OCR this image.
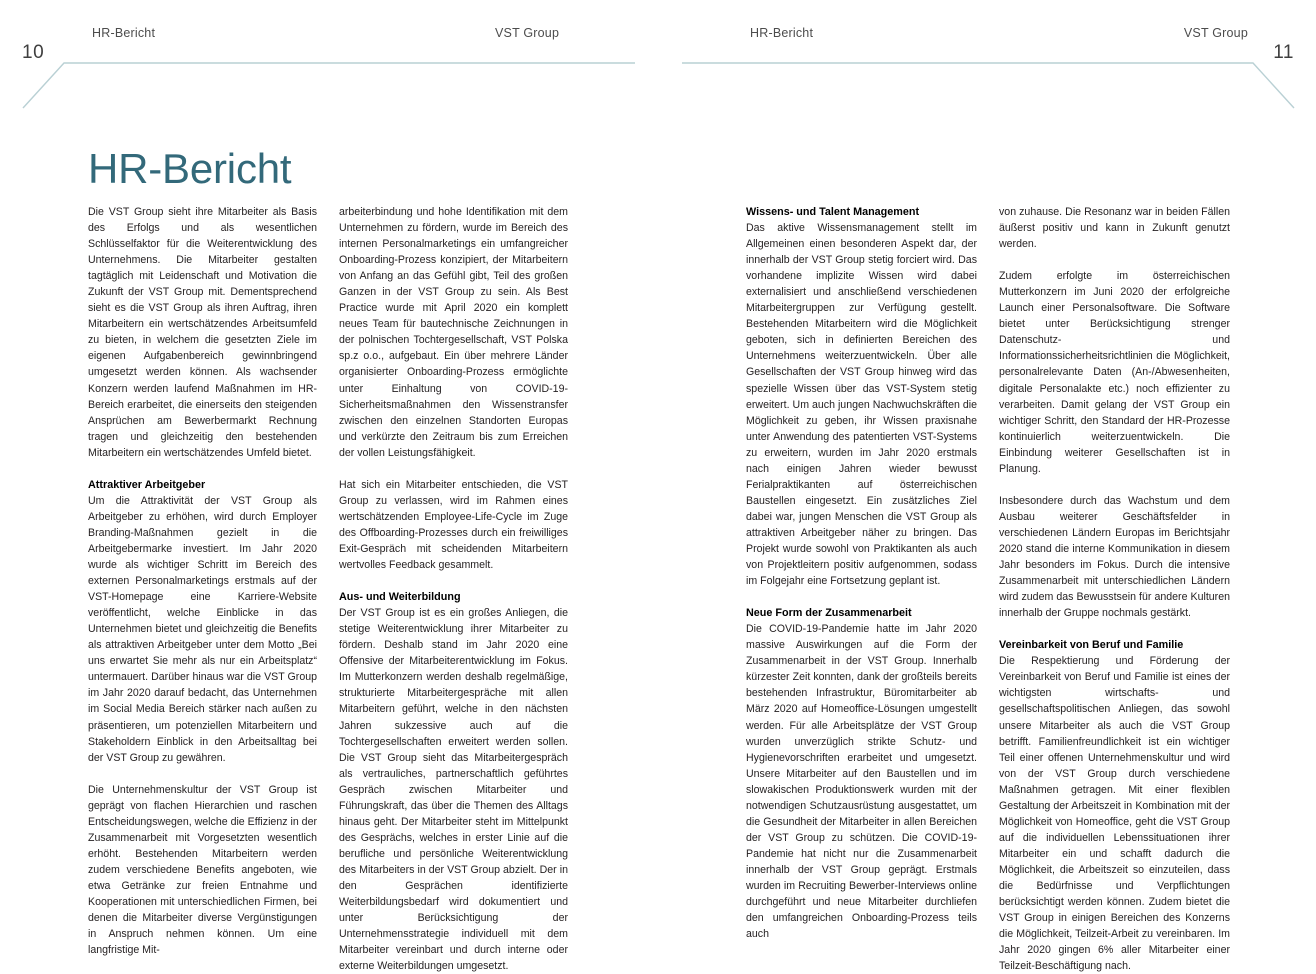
10
HR-Bericht	VST Group
HR-Bericht

Die VST Group sieht ihre Mitarbeiter als Basis des Erfolgs und als wesentlichen Schlüsselfaktor für die Weiterentwicklung des Unternehmens. Die Mitarbeiter gestalten tagtäglich mit Leidenschaft und Motivation die Zukunft der VST Group mit. Dementsprechend sieht es die VST Group als ihren Auftrag, ihren Mitarbeitern ein wertschätzendes Arbeitsumfeld zu bieten, in welchem die gesetzten Ziele im eigenen Aufgabenbereich gewinnbringend umgesetzt werden können. Als wachsender Konzern werden laufend Maßnahmen im HR-Bereich erarbeitet, die einerseits den steigenden Ansprüchen am Bewerbermarkt Rechnung tragen und gleichzeitig den bestehenden Mitarbeitern ein wertschätzendes Umfeld bietet.

Attraktiver Arbeitgeber

Um die Attraktivität der VST Group als Arbeitgeber zu erhöhen, wird durch Employer Branding-Maßnahmen gezielt in die Arbeitgebermarke investiert. Im Jahr 2020 wurde als wichtiger Schritt im Bereich des externen Personalmarketings erstmals auf der VST-Homepage eine Karriere-Website veröffentlicht, welche Einblicke in das Unternehmen bietet und gleichzeitig die Benefits als attraktiven Arbeitgeber unter dem Motto „Bei uns erwartet Sie mehr als nur ein Arbeitsplatz“ untermauert. Darüber hinaus war die VST Group im Jahr 2020 darauf bedacht, das Unternehmen im Social Media Bereich stärker nach außen zu präsentieren, um potenziellen Mitarbeitern und Stakeholdern Einblick in den Arbeitsalltag bei der VST Group zu gewähren.

Die Unternehmenskultur der VST Group ist geprägt von flachen Hierarchien und raschen Entscheidungswegen, welche die Effizienz in der Zusammenarbeit mit Vorgesetzten wesentlich erhöht. Bestehenden Mitarbeitern werden zudem verschiedene Benefits angeboten, wie etwa Getränke zur freien Entnahme und Kooperationen mit unterschiedlichen Firmen, bei denen die Mitarbeiter diverse Vergünstigungen in Anspruch nehmen können. Um eine langfristige Mit-

arbeiterbindung und hohe Identifikation mit dem Unternehmen zu fördern, wurde im Bereich des internen Personalmarketings ein umfangreicher Onboarding-Prozess konzipiert, der Mitarbeitern von Anfang an das Gefühl gibt, Teil des großen Ganzen in der VST Group zu sein. Als Best Practice wurde mit April 2020 ein komplett neues Team für bautechnische Zeichnungen in der polnischen Tochtergesellschaft, VST Polska sp.z o.o., aufgebaut. Ein über mehrere Länder organisierter Onboarding-Prozess ermöglichte unter Einhaltung von COVID-19-Sicherheitsmaßnahmen den Wissenstransfer zwischen den einzelnen Standorten Europas und verkürzte den Zeitraum bis zum Erreichen der vollen Leistungsfähigkeit.

Hat sich ein Mitarbeiter entschieden, die VST Group zu verlassen, wird im Rahmen eines wertschätzenden Employee-Life-Cycle im Zuge des Offboarding-Prozesses durch ein freiwilliges Exit-Gespräch mit scheidenden Mitarbeitern wertvolles Feedback gesammelt.

Aus- und Weiterbildung

Der VST Group ist es ein großes Anliegen, die stetige Weiterentwicklung ihrer Mitarbeiter zu fördern. Deshalb stand im Jahr 2020 eine Offensive der Mitarbeiterentwicklung im Fokus. Im Mutterkonzern werden deshalb regelmäßige, strukturierte Mitarbeitergespräche mit allen Mitarbeitern geführt, welche in den nächsten Jahren sukzessive auch auf die Tochtergesellschaften erweitert werden sollen. Die VST Group sieht das Mitarbeitergespräch als vertrauliches, partnerschaftlich geführtes Gespräch zwischen Mitarbeiter und Führungskraft, das über die Themen des Alltags hinaus geht. Der Mitarbeiter steht im Mittelpunkt des Gesprächs, welches in erster Linie auf die berufliche und persönliche Weiterentwicklung des Mitarbeiters in der VST Group abzielt. Der in den Gesprächen identifizierte Weiterbildungsbedarf wird dokumentiert und unter Berücksichtigung der Unternehmensstrategie individuell mit dem Mitarbeiter vereinbart und durch interne oder externe Weiterbildungen umgesetzt.

11
HR-Bericht	VST Group
Wissens- und Talent Management

Das aktive Wissensmanagement stellt im Allgemeinen einen besonderen Aspekt dar, der innerhalb der VST Group stetig forciert wird. Das vorhandene implizite Wissen wird dabei externalisiert und anschließend verschiedenen Mitarbeitergruppen zur Verfügung gestellt. Bestehenden Mitarbeitern wird die Möglichkeit geboten, sich in definierten Bereichen des Unternehmens weiterzuentwickeln. Über alle Gesellschaften der VST Group hinweg wird das spezielle Wissen über das VST-System stetig erweitert. Um auch jungen Nachwuchskräften die Möglichkeit zu geben, ihr Wissen praxisnahe unter Anwendung des patentierten VST-Systems zu erweitern, wurden im Jahr 2020 erstmals nach einigen Jahren wieder bewusst Ferialpraktikanten auf österreichischen Baustellen eingesetzt. Ein zusätzliches Ziel dabei war, jungen Menschen die VST Group als attraktiven Arbeitgeber näher zu bringen. Das Projekt wurde sowohl von Praktikanten als auch von Projektleitern positiv aufgenommen, sodass im Folgejahr eine Fortsetzung geplant ist.

Neue Form der Zusammenarbeit

Die COVID-19-Pandemie hatte im Jahr 2020 massive Auswirkungen auf die Form der Zusammenarbeit in der VST Group. Innerhalb kürzester Zeit konnten, dank der großteils bereits bestehenden Infrastruktur, Büromitarbeiter ab März 2020 auf Homeoffice-Lösungen umgestellt werden. Für alle Arbeitsplätze der VST Group wurden unverzüglich strikte Schutz- und Hygienevorschriften erarbeitet und umgesetzt. Unsere Mitarbeiter auf den Baustellen und im slowakischen Produktionswerk wurden mit der notwendigen Schutzausrüstung ausgestattet, um die Gesundheit der Mitarbeiter in allen Bereichen der VST Group zu schützen. Die COVID-19-Pandemie hat nicht nur die Zusammenarbeit innerhalb der VST Group geprägt. Erstmals wurden im Recruiting Bewerber-Interviews online durchgeführt und neue Mitarbeiter durchliefen den umfangreichen Onboarding-Prozess teils auch

von zuhause. Die Resonanz war in beiden Fällen äußerst positiv und kann in Zukunft genutzt werden.

Zudem erfolgte im österreichischen Mutterkonzern im Juni 2020 der erfolgreiche Launch einer Personalsoftware. Die Software bietet unter Berücksichtigung strenger Datenschutz- und Informationssicherheitsrichtlinien die Möglichkeit, personalrelevante Daten (An-/Abwesenheiten, digitale Personalakte etc.) noch effizienter zu verarbeiten. Damit gelang der VST Group ein wichtiger Schritt, den Standard der HR-Prozesse kontinuierlich weiterzuentwickeln. Die Einbindung weiterer Gesellschaften ist in Planung.

Insbesondere durch das Wachstum und dem Ausbau weiterer Geschäftsfelder in verschiedenen Ländern Europas im Berichtsjahr 2020 stand die interne Kommunikation in diesem Jahr besonders im Fokus. Durch die intensive Zusammenarbeit mit unterschiedlichen Ländern wird zudem das Bewusstsein für andere Kulturen innerhalb der Gruppe nochmals gestärkt.

Vereinbarkeit von Beruf und Familie

Die Respektierung und Förderung der Vereinbarkeit von Beruf und Familie ist eines der wichtigsten wirtschafts- und gesellschaftspolitischen Anliegen, das sowohl unsere Mitarbeiter als auch die VST Group betrifft. Familienfreundlichkeit ist ein wichtiger Teil einer offenen Unternehmenskultur und wird von der VST Group durch verschiedene Maßnahmen getragen. Mit einer flexiblen Gestaltung der Arbeitszeit in Kombination mit der Möglichkeit von Homeoffice, geht die VST Group auf die individuellen Lebenssituationen ihrer Mitarbeiter ein und schafft dadurch die Möglichkeit, die Arbeitszeit so einzuteilen, dass die Bedürfnisse und Verpflichtungen berücksichtigt werden können. Zudem bietet die VST Group in einigen Bereichen des Konzerns die Möglichkeit, Teilzeit-Arbeit zu vereinbaren. Im Jahr 2020 gingen 6% aller Mitarbeiter einer Teilzeit-Beschäftigung nach.
